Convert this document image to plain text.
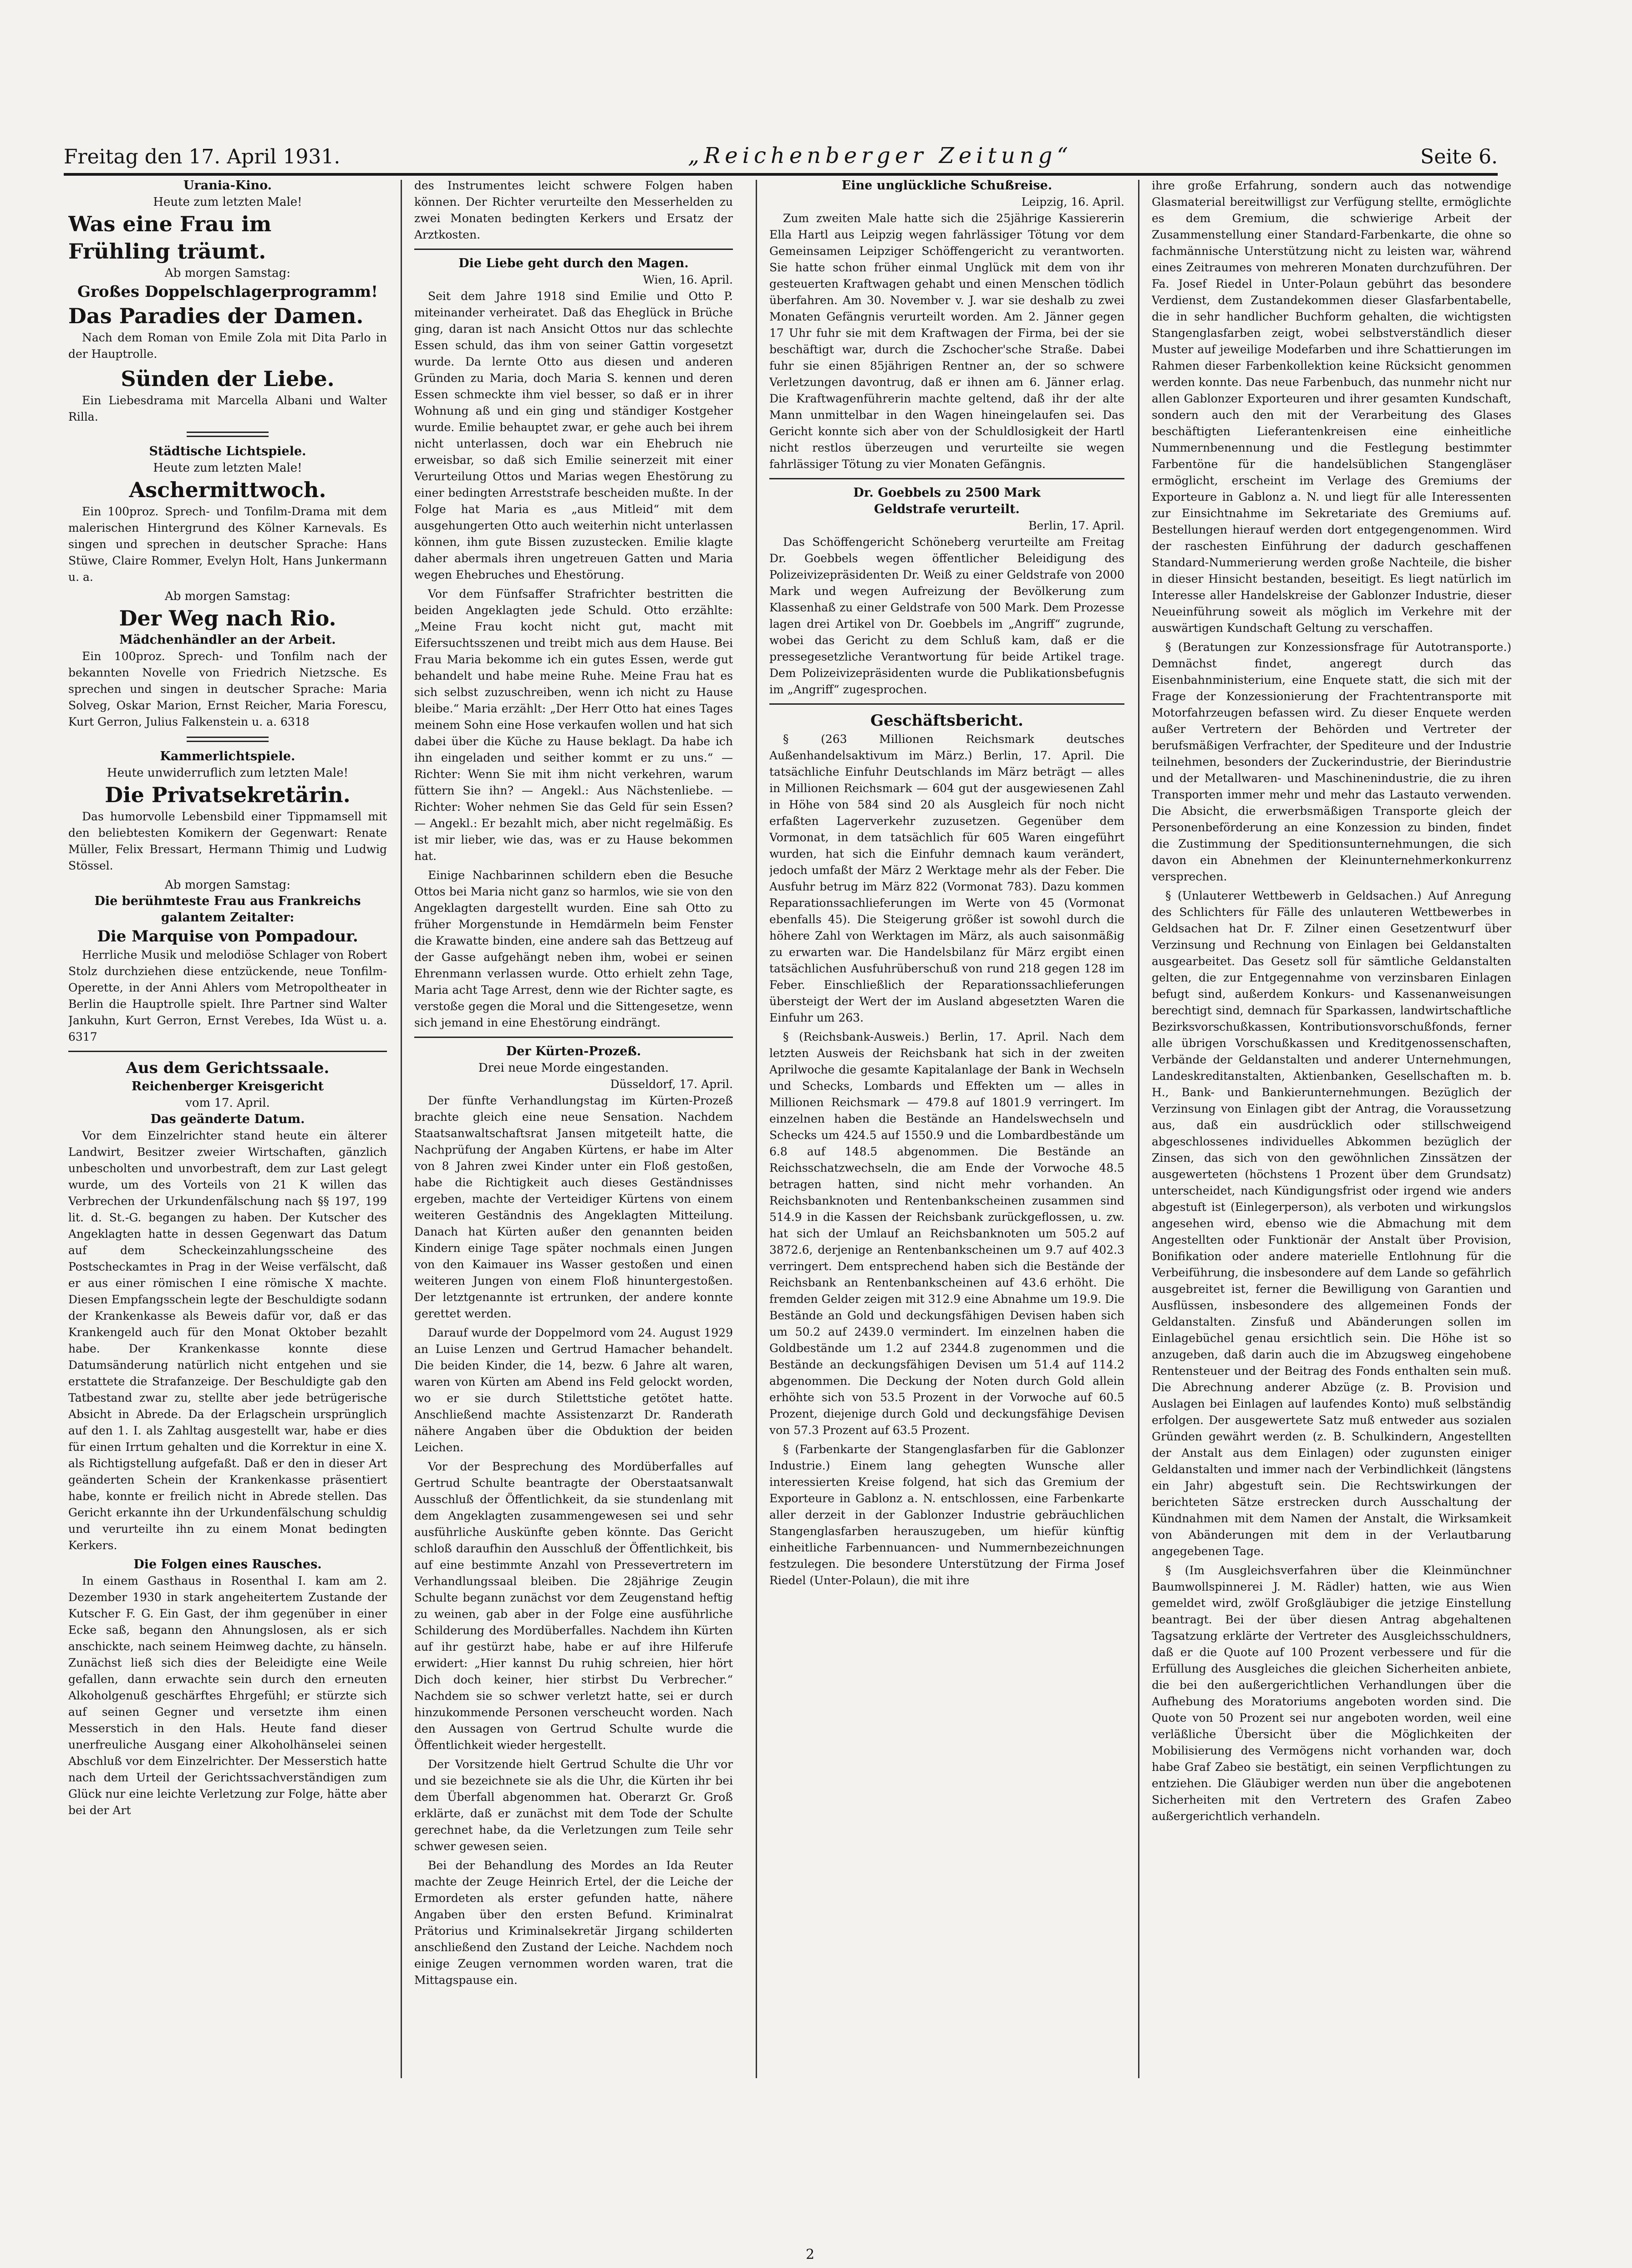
Freitag den 17. April 1931.	„Reichenberger Zeitung“	Seite 6.
Urania-Kino.
Heute zum letzten Male!
Was eine Frau im
Frühling träumt.
Ab morgen Samstag:
Großes Doppelschlagerprogramm!
Das Paradies der Damen.

Nach dem Roman von Emile Zola mit Dita Parlo in der Hauptrolle.

Sünden der Liebe.

Ein Liebesdrama mit Marcella Albani und Walter Rilla.

Städtische Lichtspiele.
Heute zum letzten Male!
Aschermittwoch.

Ein 100proz. Sprech- und Tonfilm-Drama mit dem malerischen Hintergrund des Kölner Karnevals. Es singen und sprechen in deutscher Sprache: Hans Stüwe, Claire Rommer, Evelyn Holt, Hans Junkermann u. a.

Ab morgen Samstag:
Der Weg nach Rio.
Mädchenhändler an der Arbeit.

Ein 100proz. Sprech- und Tonfilm nach der bekannten Novelle von Friedrich Nietzsche. Es sprechen und singen in deutscher Sprache: Maria Solveg, Oskar Marion, Ernst Reicher, Maria Forescu, Kurt Gerron, Julius Falkenstein u. a. 6318

Kammerlichtspiele.
Heute unwiderruflich zum letzten Male!
Die Privatsekretärin.

Das humorvolle Lebensbild einer Tippmamsell mit den beliebtesten Komikern der Gegenwart: Renate Müller, Felix Bressart, Hermann Thimig und Ludwig Stössel.

Ab morgen Samstag:
Die berühmteste Frau aus Frankreichs galantem Zeitalter:
Die Marquise von Pompadour.

Herrliche Musik und melodiöse Schlager von Robert Stolz durchziehen diese entzückende, neue Tonfilm-Operette, in der Anni Ahlers vom Metropoltheater in Berlin die Hauptrolle spielt. Ihre Partner sind Walter Jankuhn, Kurt Gerron, Ernst Verebes, Ida Wüst u. a. 6317

Aus dem Gerichtssaale.
Reichenberger Kreisgericht
vom 17. April.
Das geänderte Datum.

Vor dem Einzelrichter stand heute ein älterer Landwirt, Besitzer zweier Wirtschaften, gänzlich unbescholten und unvorbestraft, dem zur Last gelegt wurde, um des Vorteils von 21 K willen das Verbrechen der Urkundenfälschung nach §§ 197, 199 lit. d. St.-G. begangen zu haben. Der Kutscher des Angeklagten hatte in dessen Gegenwart das Datum auf dem Scheckeinzahlungsscheine des Postscheckamtes in Prag in der Weise verfälscht, daß er aus einer römischen I eine römische X machte. Diesen Empfangsschein legte der Beschuldigte sodann der Krankenkasse als Beweis dafür vor, daß er das Krankengeld auch für den Monat Oktober bezahlt habe. Der Krankenkasse konnte diese Datumsänderung natürlich nicht entgehen und sie erstattete die Strafanzeige. Der Beschuldigte gab den Tatbestand zwar zu, stellte aber jede betrügerische Absicht in Abrede. Da der Erlagschein ursprünglich auf den 1. I. als Zahltag ausgestellt war, habe er dies für einen Irrtum gehalten und die Korrektur in eine X. als Richtigstellung aufgefaßt. Daß er den in dieser Art geänderten Schein der Krankenkasse präsentiert habe, konnte er freilich nicht in Abrede stellen. Das Gericht erkannte ihn der Urkundenfälschung schuldig und verurteilte ihn zu einem Monat bedingten Kerkers.

Die Folgen eines Rausches.

In einem Gasthaus in Rosenthal I. kam am 2. Dezember 1930 in stark angeheitertem Zustande der Kutscher F. G. Ein Gast, der ihm gegenüber in einer Ecke saß, begann den Ahnungslosen, als er sich anschickte, nach seinem Heimweg dachte, zu hänseln. Zunächst ließ sich dies der Beleidigte eine Weile gefallen, dann erwachte sein durch den erneuten Alkoholgenuß geschärftes Ehrgefühl; er stürzte sich auf seinen Gegner und versetzte ihm einen Messerstich in den Hals. Heute fand dieser unerfreuliche Ausgang einer Alkoholhänselei seinen Abschluß vor dem Einzelrichter. Der Messerstich hatte nach dem Urteil der Gerichtssachverständigen zum Glück nur eine leichte Verletzung zur Folge, hätte aber bei der Art

des Instrumentes leicht schwere Folgen haben können. Der Richter verurteilte den Messerhelden zu zwei Monaten bedingten Kerkers und Ersatz der Arztkosten.

Die Liebe geht durch den Magen.
Wien, 16. April.

Seit dem Jahre 1918 sind Emilie und Otto P. miteinander verheiratet. Daß das Eheglück in Brüche ging, daran ist nach Ansicht Ottos nur das schlechte Essen schuld, das ihm von seiner Gattin vorgesetzt wurde. Da lernte Otto aus diesen und anderen Gründen zu Maria, doch Maria S. kennen und deren Essen schmeckte ihm viel besser, so daß er in ihrer Wohnung aß und ein ging und ständiger Kostgeher wurde. Emilie behauptet zwar, er gehe auch bei ihrem nicht unterlassen, doch war ein Ehebruch nie erweisbar, so daß sich Emilie seinerzeit mit einer Verurteilung Ottos und Marias wegen Ehestörung zu einer bedingten Arreststrafe bescheiden mußte. In der Folge hat Maria es „aus Mitleid“ mit dem ausgehungerten Otto auch weiterhin nicht unterlassen können, ihm gute Bissen zuzustecken. Emilie klagte daher abermals ihren ungetreuen Gatten und Maria wegen Ehebruches und Ehestörung.

Vor dem Fünfsaffer Strafrichter bestritten die beiden Angeklagten jede Schuld. Otto erzählte: „Meine Frau kocht nicht gut, macht mit Eifersuchtsszenen und treibt mich aus dem Hause. Bei Frau Maria bekomme ich ein gutes Essen, werde gut behandelt und habe meine Ruhe. Meine Frau hat es sich selbst zuzuschreiben, wenn ich nicht zu Hause bleibe.“ Maria erzählt: „Der Herr Otto hat eines Tages meinem Sohn eine Hose verkaufen wollen und hat sich dabei über die Küche zu Hause beklagt. Da habe ich ihn eingeladen und seither kommt er zu uns.“ — Richter: Wenn Sie mit ihm nicht verkehren, warum füttern Sie ihn? — Angekl.: Aus Nächstenliebe. — Richter: Woher nehmen Sie das Geld für sein Essen? — Angekl.: Er bezahlt mich, aber nicht regelmäßig. Es ist mir lieber, wie das, was er zu Hause bekommen hat.

Einige Nachbarinnen schildern eben die Besuche Ottos bei Maria nicht ganz so harmlos, wie sie von den Angeklagten dargestellt wurden. Eine sah Otto zu früher Morgenstunde in Hemdärmeln beim Fenster die Krawatte binden, eine andere sah das Bettzeug auf der Gasse aufgehängt neben ihm, wobei er seinen Ehrenmann verlassen wurde. Otto erhielt zehn Tage, Maria acht Tage Arrest, denn wie der Richter sagte, es verstoße gegen die Moral und die Sittengesetze, wenn sich jemand in eine Ehestörung eindrängt.

Der Kürten-Prozeß.
Drei neue Morde eingestanden.
Düsseldorf, 17. April.

Der fünfte Verhandlungstag im Kürten-Prozeß brachte gleich eine neue Sensation. Nachdem Staatsanwaltschaftsrat Jansen mitgeteilt hatte, die Nachprüfung der Angaben Kürtens, er habe im Alter von 8 Jahren zwei Kinder unter ein Floß gestoßen, habe die Richtigkeit auch dieses Geständnisses ergeben, machte der Verteidiger Kürtens von einem weiteren Geständnis des Angeklagten Mitteilung. Danach hat Kürten außer den genannten beiden Kindern einige Tage später nochmals einen Jungen von den Kaimauer ins Wasser gestoßen und einen weiteren Jungen von einem Floß hinuntergestoßen. Der letztgenannte ist ertrunken, der andere konnte gerettet werden.

Darauf wurde der Doppelmord vom 24. August 1929 an Luise Lenzen und Gertrud Hamacher behandelt. Die beiden Kinder, die 14, bezw. 6 Jahre alt waren, waren von Kürten am Abend ins Feld gelockt worden, wo er sie durch Stilettstiche getötet hatte. Anschließend machte Assistenzarzt Dr. Randerath nähere Angaben über die Obduktion der beiden Leichen.

Vor der Besprechung des Mordüberfalles auf Gertrud Schulte beantragte der Oberstaatsanwalt Ausschluß der Öffentlichkeit, da sie stundenlang mit dem Angeklagten zusammengewesen sei und sehr ausführliche Auskünfte geben könnte. Das Gericht schloß daraufhin den Ausschluß der Öffentlichkeit, bis auf eine bestimmte Anzahl von Pressevertretern im Verhandlungssaal bleiben. Die 28jährige Zeugin Schulte begann zunächst vor dem Zeugenstand heftig zu weinen, gab aber in der Folge eine ausführliche Schilderung des Mordüberfalles. Nachdem ihn Kürten auf ihr gestürzt habe, habe er auf ihre Hilferufe erwidert: „Hier kannst Du ruhig schreien, hier hört Dich doch keiner, hier stirbst Du Verbrecher.“ Nachdem sie so schwer verletzt hatte, sei er durch hinzukommende Personen verscheucht worden. Nach den Aussagen von Gertrud Schulte wurde die Öffentlichkeit wieder hergestellt.

Der Vorsitzende hielt Gertrud Schulte die Uhr vor und sie bezeichnete sie als die Uhr, die Kürten ihr bei dem Überfall abgenommen hat. Oberarzt Gr. Groß erklärte, daß er zunächst mit dem Tode der Schulte gerechnet habe, da die Verletzungen zum Teile sehr schwer gewesen seien.

Bei der Behandlung des Mordes an Ida Reuter machte der Zeuge Heinrich Ertel, der die Leiche der Ermordeten als erster gefunden hatte, nähere Angaben über den ersten Befund. Kriminalrat Prätorius und Kriminalsekretär Jirgang schilderten anschließend den Zustand der Leiche. Nachdem noch einige Zeugen vernommen worden waren, trat die Mittagspause ein.

Eine unglückliche Schußreise.
Leipzig, 16. April.

Zum zweiten Male hatte sich die 25jährige Kassiererin Ella Hartl aus Leipzig wegen fahrlässiger Tötung vor dem Gemeinsamen Leipziger Schöffengericht zu verantworten. Sie hatte schon früher einmal Unglück mit dem von ihr gesteuerten Kraftwagen gehabt und einen Menschen tödlich überfahren. Am 30. November v. J. war sie deshalb zu zwei Monaten Gefängnis verurteilt worden. Am 2. Jänner gegen 17 Uhr fuhr sie mit dem Kraftwagen der Firma, bei der sie beschäftigt war, durch die Zschocher'sche Straße. Dabei fuhr sie einen 85jährigen Rentner an, der so schwere Verletzungen davontrug, daß er ihnen am 6. Jänner erlag. Die Kraftwagenführerin machte geltend, daß ihr der alte Mann unmittelbar in den Wagen hineingelaufen sei. Das Gericht konnte sich aber von der Schuldlosigkeit der Hartl nicht restlos überzeugen und verurteilte sie wegen fahrlässiger Tötung zu vier Monaten Gefängnis.

Dr. Goebbels zu 2500 Mark
Geldstrafe verurteilt.
Berlin, 17. April.

Das Schöffengericht Schöneberg verurteilte am Freitag Dr. Goebbels wegen öffentlicher Beleidigung des Polizeivizepräsidenten Dr. Weiß zu einer Geldstrafe von 2000 Mark und wegen Aufreizung der Bevölkerung zum Klassenhaß zu einer Geldstrafe von 500 Mark. Dem Prozesse lagen drei Artikel von Dr. Goebbels im „Angriff“ zugrunde, wobei das Gericht zu dem Schluß kam, daß er die pressegesetzliche Verantwortung für beide Artikel trage. Dem Polizeivizepräsidenten wurde die Publikationsbefugnis im „Angriff“ zugesprochen.

Geschäftsbericht.

§ (263 Millionen Reichsmark deutsches Außenhandelsaktivum im März.) Berlin, 17. April. Die tatsächliche Einfuhr Deutschlands im März beträgt — alles in Millionen Reichsmark — 604 gut der ausgewiesenen Zahl in Höhe von 584 sind 20 als Ausgleich für noch nicht erfaßten Lagerverkehr zuzusetzen. Gegenüber dem Vormonat, in dem tatsächlich für 605 Waren eingeführt wurden, hat sich die Einfuhr demnach kaum verändert, jedoch umfaßt der März 2 Werktage mehr als der Feber. Die Ausfuhr betrug im März 822 (Vormonat 783). Dazu kommen Reparationssachlieferungen im Werte von 45 (Vormonat ebenfalls 45). Die Steigerung größer ist sowohl durch die höhere Zahl von Werktagen im März, als auch saisonmäßig zu erwarten war. Die Handelsbilanz für März ergibt einen tatsächlichen Ausfuhrüberschuß von rund 218 gegen 128 im Feber. Einschließlich der Reparationssachlieferungen übersteigt der Wert der im Ausland abgesetzten Waren die Einfuhr um 263.

§ (Reichsbank-Ausweis.) Berlin, 17. April. Nach dem letzten Ausweis der Reichsbank hat sich in der zweiten Aprilwoche die gesamte Kapitalanlage der Bank in Wechseln und Schecks, Lombards und Effekten um — alles in Millionen Reichsmark — 479.8 auf 1801.9 verringert. Im einzelnen haben die Bestände an Handelswechseln und Schecks um 424.5 auf 1550.9 und die Lombardbestände um 6.8 auf 148.5 abgenommen. Die Bestände an Reichsschatzwechseln, die am Ende der Vorwoche 48.5 betragen hatten, sind nicht mehr vorhanden. An Reichsbanknoten und Rentenbankscheinen zusammen sind 514.9 in die Kassen der Reichsbank zurückgeflossen, u. zw. hat sich der Umlauf an Reichsbanknoten um 505.2 auf 3872.6, derjenige an Rentenbankscheinen um 9.7 auf 402.3 verringert. Dem entsprechend haben sich die Bestände der Reichsbank an Rentenbankscheinen auf 43.6 erhöht. Die fremden Gelder zeigen mit 312.9 eine Abnahme um 19.9. Die Bestände an Gold und deckungsfähigen Devisen haben sich um 50.2 auf 2439.0 vermindert. Im einzelnen haben die Goldbestände um 1.2 auf 2344.8 zugenommen und die Bestände an deckungsfähigen Devisen um 51.4 auf 114.2 abgenommen. Die Deckung der Noten durch Gold allein erhöhte sich von 53.5 Prozent in der Vorwoche auf 60.5 Prozent, diejenige durch Gold und deckungsfähige Devisen von 57.3 Prozent auf 63.5 Prozent.

§ (Farbenkarte der Stangenglasfarben für die Gablonzer Industrie.) Einem lang gehegten Wunsche aller interessierten Kreise folgend, hat sich das Gremium der Exporteure in Gablonz a. N. entschlossen, eine Farbenkarte aller derzeit in der Gablonzer Industrie gebräuchlichen Stangenglasfarben herauszugeben, um hiefür künftig einheitliche Farbennuancen- und Nummernbezeichnungen festzulegen. Die besondere Unterstützung der Firma Josef Riedel (Unter-Polaun), die mit ihre

ihre große Erfahrung, sondern auch das notwendige Glasmaterial bereitwilligst zur Verfügung stellte, ermöglichte es dem Gremium, die schwierige Arbeit der Zusammenstellung einer Standard-Farbenkarte, die ohne so fachmännische Unterstützung nicht zu leisten war, während eines Zeitraumes von mehreren Monaten durchzuführen. Der Fa. Josef Riedel in Unter-Polaun gebührt das besondere Verdienst, dem Zustandekommen dieser Glasfarbentabelle, die in sehr handlicher Buchform gehalten, die wichtigsten Stangenglasfarben zeigt, wobei selbstverständlich dieser Muster auf jeweilige Modefarben und ihre Schattierungen im Rahmen dieser Farbenkollektion keine Rücksicht genommen werden konnte. Das neue Farbenbuch, das nunmehr nicht nur allen Gablonzer Exporteuren und ihrer gesamten Kundschaft, sondern auch den mit der Verarbeitung des Glases beschäftigten Lieferantenkreisen eine einheitliche Nummernbenennung und die Festlegung bestimmter Farbentöne für die handelsüblichen Stangengläser ermöglicht, erscheint im Verlage des Gremiums der Exporteure in Gablonz a. N. und liegt für alle Interessenten zur Einsichtnahme im Sekretariate des Gremiums auf. Bestellungen hierauf werden dort entgegengenommen. Wird der raschesten Einführung der dadurch geschaffenen Standard-Nummerierung werden große Nachteile, die bisher in dieser Hinsicht bestanden, beseitigt. Es liegt natürlich im Interesse aller Handelskreise der Gablonzer Industrie, dieser Neueinführung soweit als möglich im Verkehre mit der auswärtigen Kundschaft Geltung zu verschaffen.

§ (Beratungen zur Konzessionsfrage für Autotransporte.) Demnächst findet, angeregt durch das Eisenbahnministerium, eine Enquete statt, die sich mit der Frage der Konzessionierung der Frachtentransporte mit Motorfahrzeugen befassen wird. Zu dieser Enquete werden außer Vertretern der Behörden und Vertreter der berufsmäßigen Verfrachter, der Spediteure und der Industrie teilnehmen, besonders der Zuckerindustrie, der Bierindustrie und der Metallwaren- und Maschinenindustrie, die zu ihren Transporten immer mehr und mehr das Lastauto verwenden. Die Absicht, die erwerbsmäßigen Transporte gleich der Personenbeförderung an eine Konzession zu binden, findet die Zustimmung der Speditionsunternehmungen, die sich davon ein Abnehmen der Kleinunternehmerkonkurrenz versprechen.

§ (Unlauterer Wettbewerb in Geldsachen.) Auf Anregung des Schlichters für Fälle des unlauteren Wettbewerbes in Geldsachen hat Dr. F. Zilner einen Gesetzentwurf über Verzinsung und Rechnung von Einlagen bei Geldanstalten ausgearbeitet. Das Gesetz soll für sämtliche Geldanstalten gelten, die zur Entgegennahme von verzinsbaren Einlagen befugt sind, außerdem Konkurs- und Kassenanweisungen berechtigt sind, demnach für Sparkassen, landwirtschaftliche Bezirksvorschußkassen, Kontributionsvorschußfonds, ferner alle übrigen Vorschußkassen und Kreditgenossenschaften, Verbände der Geldanstalten und anderer Unternehmungen, Landeskreditanstalten, Aktienbanken, Gesellschaften m. b. H., Bank- und Bankierunternehmungen. Bezüglich der Verzinsung von Einlagen gibt der Antrag, die Voraussetzung aus, daß ein ausdrücklich oder stillschweigend abgeschlossenes individuelles Abkommen bezüglich der Zinsen, das sich von den gewöhnlichen Zinssätzen der ausgewerteten (höchstens 1 Prozent über dem Grundsatz) unterscheidet, nach Kündigungsfrist oder irgend wie anders abgestuft ist (Einlegerperson), als verboten und wirkungslos angesehen wird, ebenso wie die Abmachung mit dem Angestellten oder Funktionär der Anstalt über Provision, Bonifikation oder andere materielle Entlohnung für die Verbeiführung, die insbesondere auf dem Lande so gefährlich ausgebreitet ist, ferner die Bewilligung von Garantien und Ausflüssen, insbesondere des allgemeinen Fonds der Geldanstalten. Zinsfuß und Abänderungen sollen im Einlagebüchel genau ersichtlich sein. Die Höhe ist so anzugeben, daß darin auch die im Abzugsweg eingehobene Rentensteuer und der Beitrag des Fonds enthalten sein muß. Die Abrechnung anderer Abzüge (z. B. Provision und Auslagen bei Einlagen auf laufendes Konto) muß selbständig erfolgen. Der ausgewertete Satz muß entweder aus sozialen Gründen gewährt werden (z. B. Schulkindern, Angestellten der Anstalt aus dem Einlagen) oder zugunsten einiger Geldanstalten und immer nach der Verbindlichkeit (längstens ein Jahr) abgestuft sein. Die Rechtswirkungen der berichteten Sätze erstrecken durch Ausschaltung der Kündnahmen mit dem Namen der Anstalt, die Wirksamkeit von Abänderungen mit dem in der Verlautbarung angegebenen Tage.

§ (Im Ausgleichsverfahren über die Kleinmünchner Baumwollspinnerei J. M. Rädler) hatten, wie aus Wien gemeldet wird, zwölf Großgläubiger die jetzige Einstellung beantragt. Bei der über diesen Antrag abgehaltenen Tagsatzung erklärte der Vertreter des Ausgleichsschuldners, daß er die Quote auf 100 Prozent verbessere und für die Erfüllung des Ausgleiches die gleichen Sicherheiten anbiete, die bei den außergerichtlichen Verhandlungen über die Aufhebung des Moratoriums angeboten worden sind. Die Quote von 50 Prozent sei nur angeboten worden, weil eine verläßliche Übersicht über die Möglichkeiten der Mobilisierung des Vermögens nicht vorhanden war, doch habe Graf Zabeo sie bestätigt, ein seinen Verpflichtungen zu entziehen. Die Gläubiger werden nun über die angebotenen Sicherheiten mit den Vertretern des Grafen Zabeo außergerichtlich verhandeln.

2
